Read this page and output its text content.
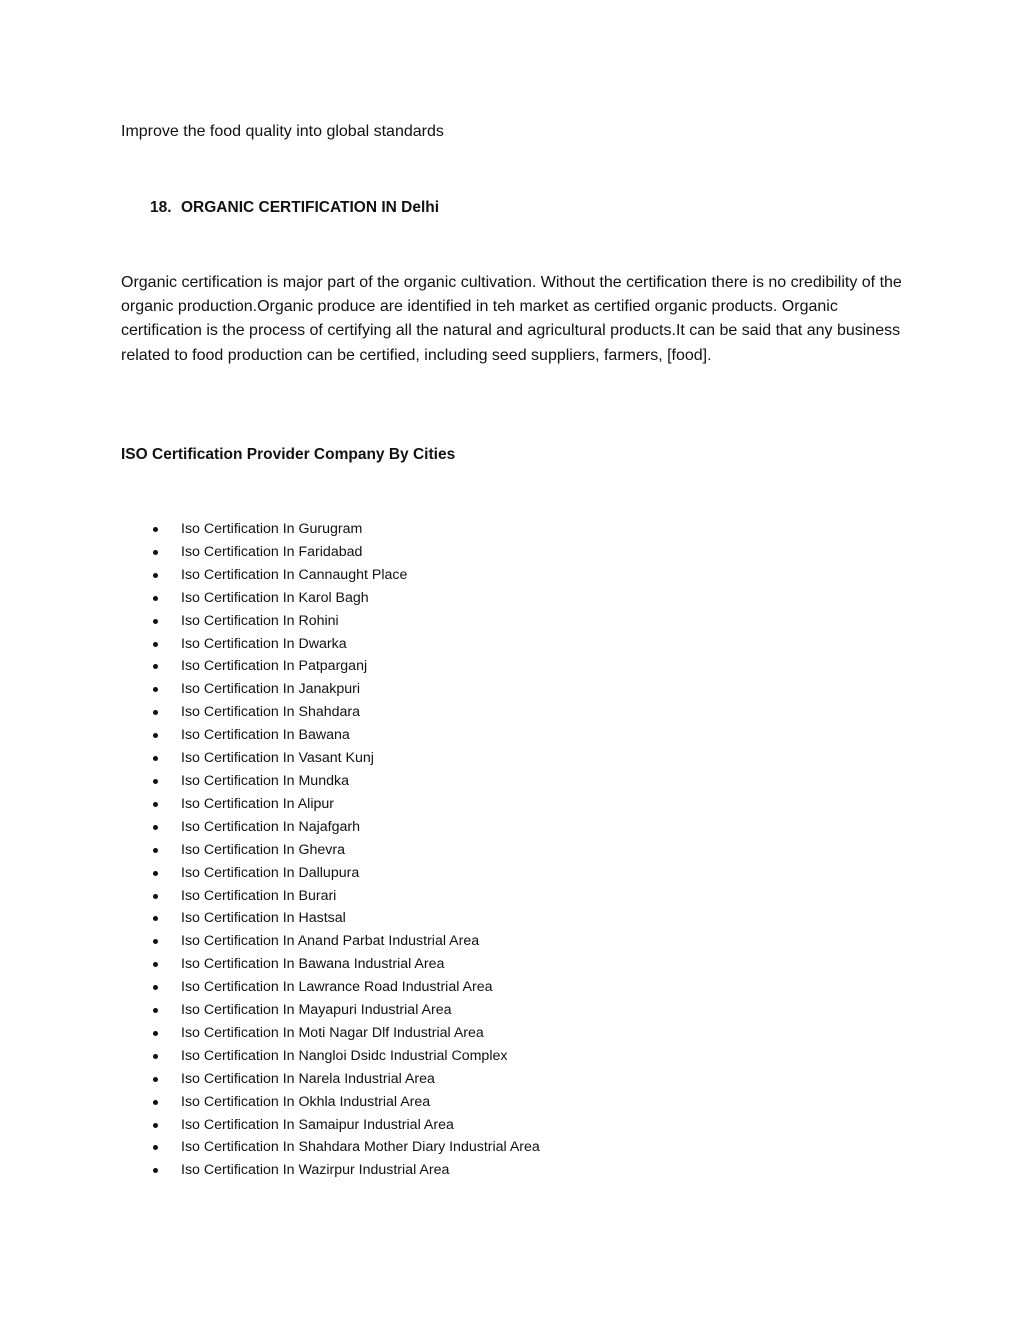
Improve the food quality into global standards

18. ORGANIC CERTIFICATION IN Delhi

Organic certification is major part of the organic cultivation. Without the certification there is no credibility of the organic production.Organic produce are identified in teh market as certified organic products. Organic certification is the process of certifying all the natural and agricultural products.It can be said that any business related to food production can be certified, including seed suppliers, farmers, [food].

ISO Certification Provider Company By Cities
Iso Certification In Gurugram
Iso Certification In Faridabad
Iso Certification In Cannaught Place
Iso Certification In Karol Bagh
Iso Certification In Rohini
Iso Certification In Dwarka
Iso Certification In Patparganj
Iso Certification In Janakpuri
Iso Certification In Shahdara
Iso Certification In Bawana
Iso Certification In Vasant Kunj
Iso Certification In Mundka
Iso Certification In Alipur
Iso Certification In Najafgarh
Iso Certification In Ghevra
Iso Certification In Dallupura
Iso Certification In Burari
Iso Certification In Hastsal
Iso Certification In Anand Parbat Industrial Area
Iso Certification In Bawana Industrial Area
Iso Certification In Lawrance Road Industrial Area
Iso Certification In Mayapuri Industrial Area
Iso Certification In Moti Nagar Dlf Industrial Area
Iso Certification In Nangloi Dsidc Industrial Complex
Iso Certification In Narela Industrial Area
Iso Certification In Okhla Industrial Area
Iso Certification In Samaipur Industrial Area
Iso Certification In Shahdara Mother Diary Industrial Area
Iso Certification In Wazirpur Industrial Area
